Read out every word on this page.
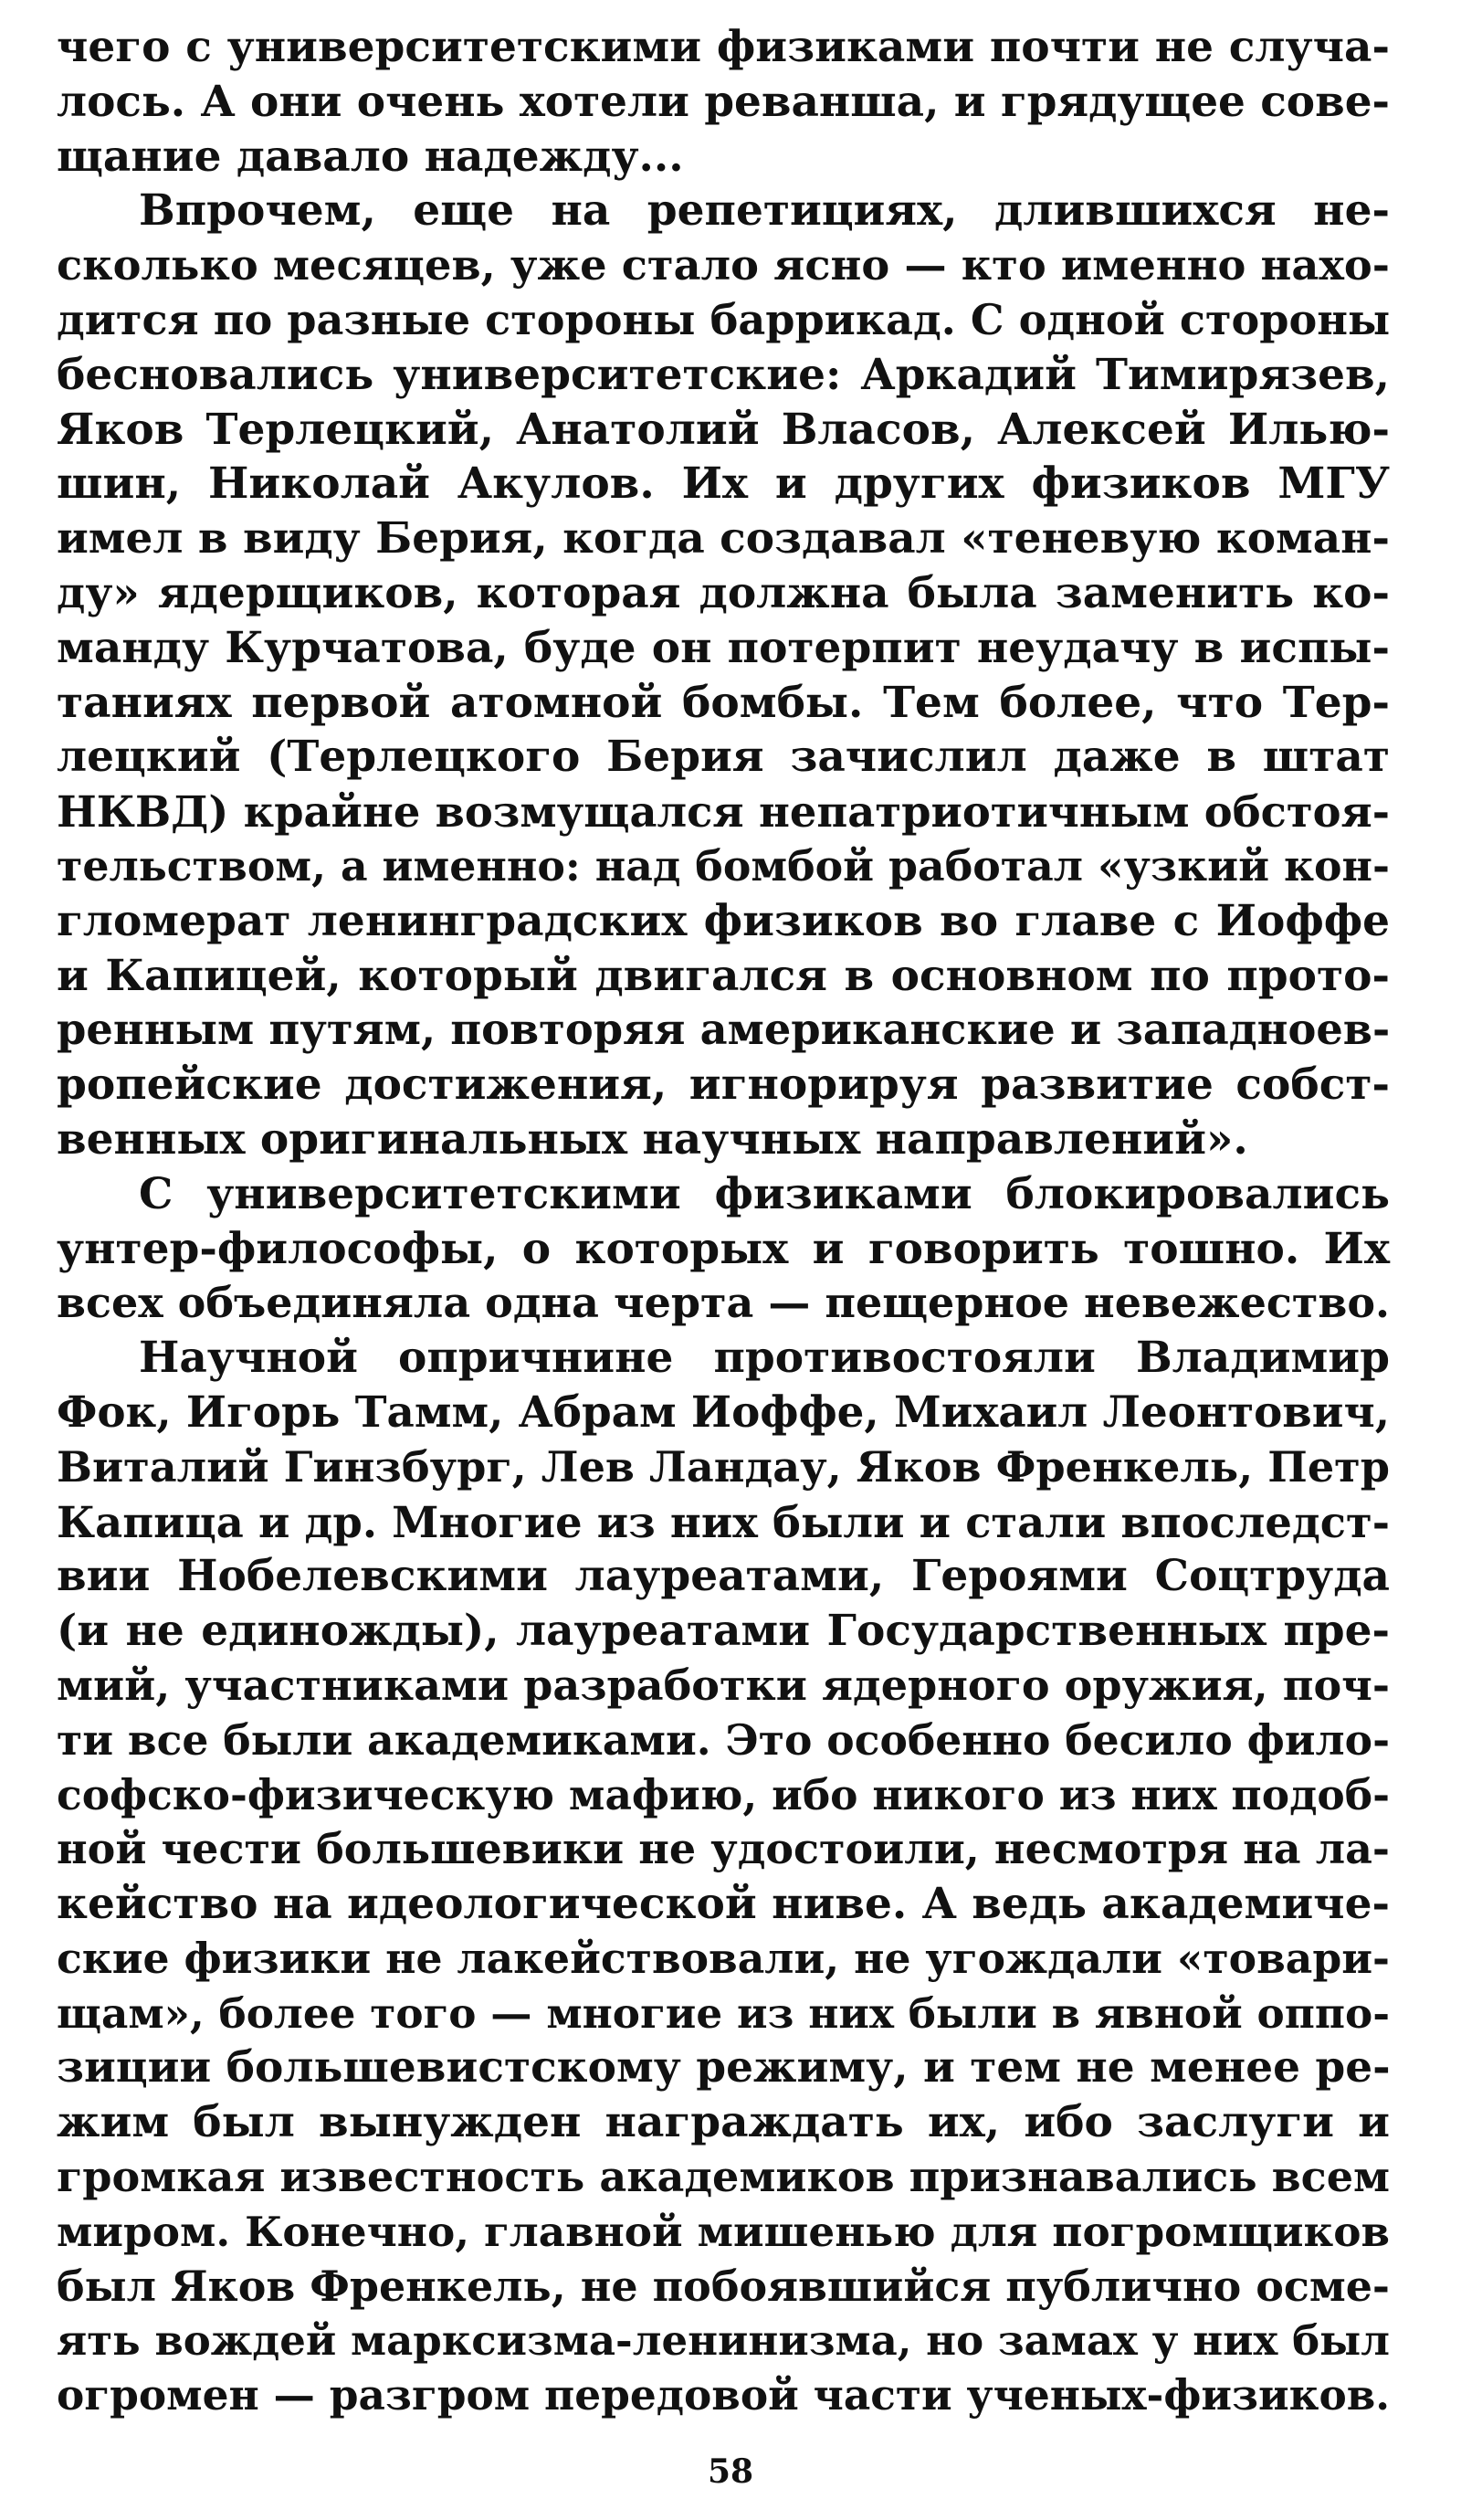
чего с университетскими физиками почти не случа-
лось. А они очень хотели реванша, и грядущее сове-
щание давало надежду...
Впрочем, еще на репетициях, длившихся не-
сколько месяцев, уже стало ясно — кто именно нахо-
дится по разные стороны баррикад. С одной стороны
бесновались университетские: Аркадий Тимирязев,
Яков Терлецкий, Анатолий Власов, Алексей Илью-
шин, Николай Акулов. Их и других физиков МГУ
имел в виду Берия, когда создавал «теневую коман-
ду» ядерщиков, которая должна была заменить ко-
манду Курчатова, буде он потерпит неудачу в испы-
таниях первой атомной бомбы. Тем более, что Тер-
лецкий (Терлецкого Берия зачислил даже в штат
НКВД) крайне возмущался непатриотичным обстоя-
тельством, а именно: над бомбой работал «узкий кон-
гломерат ленинградских физиков во главе с Иоффе
и Капицей, который двигался в основном по прото-
ренным путям, повторяя американские и западноев-
ропейские достижения, игнорируя развитие собст-
венных оригинальных научных направлений».
С университетскими физиками блокировались
унтер-философы, о которых и говорить тошно. Их
всех объединяла одна черта — пещерное невежество.
Научной опричнине противостояли Владимир
Фок, Игорь Тамм, Абрам Иоффе, Михаил Леонтович,
Виталий Гинзбург, Лев Ландау, Яков Френкель, Петр
Капица и др. Многие из них были и стали впоследст-
вии Нобелевскими лауреатами, Героями Соцтруда
(и не единожды), лауреатами Государственных пре-
мий, участниками разработки ядерного оружия, поч-
ти все были академиками. Это особенно бесило фило-
софско-физическую мафию, ибо никого из них подоб-
ной чести большевики не удостоили, несмотря на ла-
кейство на идеологической ниве. А ведь академиче-
ские физики не лакействовали, не угождали «товари-
щам», более того — многие из них были в явной оппо-
зиции большевистскому режиму, и тем не менее ре-
жим был вынужден награждать их, ибо заслуги и
громкая известность академиков признавались всем
миром. Конечно, главной мишенью для погромщиков
был Яков Френкель, не побоявшийся публично осме-
ять вождей марксизма-ленинизма, но замах у них был
огромен — разгром передовой части ученых-физиков.
58
